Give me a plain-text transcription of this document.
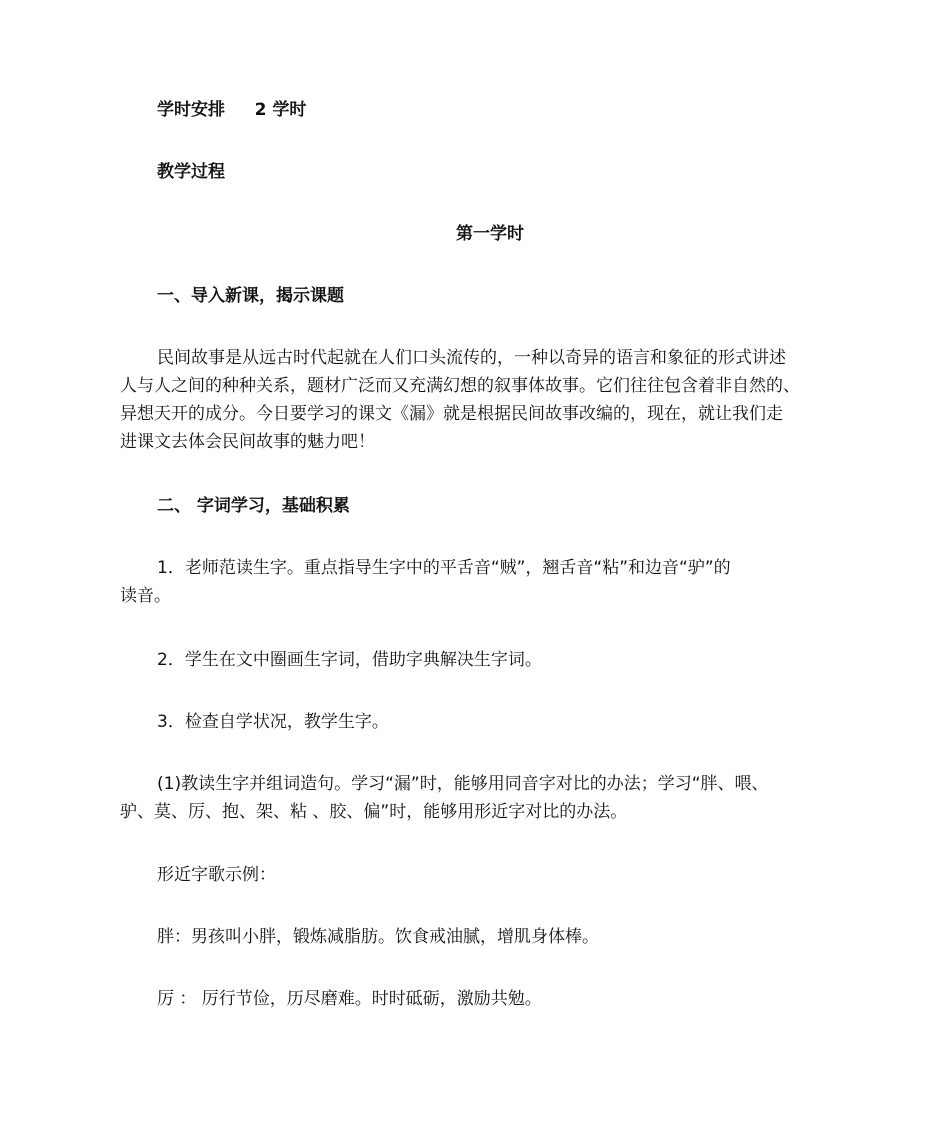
学时安排 2 学时
教学过程
第一学时
一、导入新课，揭示课题
民间故事是从远古时代起就在人们口头流传的，一种以奇异的语言和象征的形式讲述
人与人之间的种种关系，题材广泛而又充满幻想的叙事体故事。它们往往包含着非自然的、
异想天开的成分。今日要学习的课文《漏》就是根据民间故事改编的，现在，就让我们走
进课文去体会民间故事的魅力吧！
二、 字词学习，基础积累
1．老师范读生字。重点指导生字中的平舌音“贼”，翘舌音“粘”和边音“驴”的
读音。
2．学生在文中圈画生字词，借助字典解决生字词。
3．检查自学状况，教学生字。
(1)教读生字并组词造句。学习“漏”时，能够用同音字对比的办法；学习“胖、喂、
驴、莫、厉、抱、架、粘 、胶、偏”时，能够用形近字对比的办法。
形近字歌示例：
胖：男孩叫小胖，锻炼减脂肪。饮食戒油腻，增肌身体棒。
厉 ： 厉行节俭，历尽磨难。时时砥砺，激励共勉。
